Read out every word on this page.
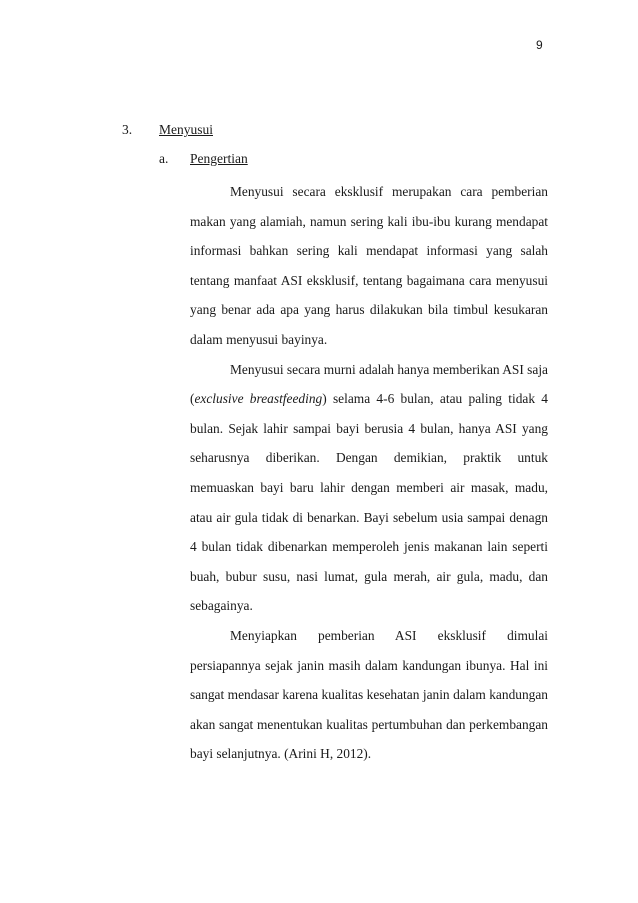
9
3. Menyusui
a. Pengertian

Menyusui secara eksklusif merupakan cara pemberian makan yang alamiah, namun sering kali ibu-ibu kurang mendapat informasi bahkan sering kali mendapat informasi yang salah tentang manfaat ASI eksklusif, tentang bagaimana cara menyusui yang benar ada apa yang harus dilakukan bila timbul kesukaran dalam menyusui bayinya.

Menyusui secara murni adalah hanya memberikan ASI saja (exclusive breastfeeding) selama 4-6 bulan, atau paling tidak 4 bulan. Sejak lahir sampai bayi berusia 4 bulan, hanya ASI yang seharusnya diberikan. Dengan demikian, praktik untuk memuaskan bayi baru lahir dengan memberi air masak, madu, atau air gula tidak di benarkan. Bayi sebelum usia sampai denagn 4 bulan tidak dibenarkan memperoleh jenis makanan lain seperti buah, bubur susu, nasi lumat, gula merah, air gula, madu, dan sebagainya.

Menyiapkan pemberian ASI eksklusif dimulai persiapannya sejak janin masih dalam kandungan ibunya. Hal ini sangat mendasar karena kualitas kesehatan janin dalam kandungan akan sangat menentukan kualitas pertumbuhan dan perkembangan bayi selanjutnya. (Arini H, 2012).
